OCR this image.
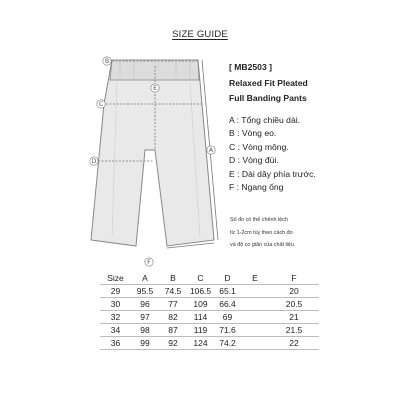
SIZE GUIDE
B
C
D
E
A
F
[ MB2503 ]
Relaxed Fit Pleated
Full Banding Pants
A : Tổng chiều dài.
B : Vòng eo.
C : Vòng mông.
D : Vòng đùi.
E : Dài dây phía trước.
F : Ngang ống
Số đo có thể chênh lệch
từ 1-2cm tùy theo cách đo
và độ co giãn của chất liệu.
Size	A	B	C	D	E	F
29	95.5	74.5	106.5	65.1		20
30	96	77	109	66.4		20.5
32	97	82	114	69		21
34	98	87	119	71.6		21.5
36	99	92	124	74.2		22
